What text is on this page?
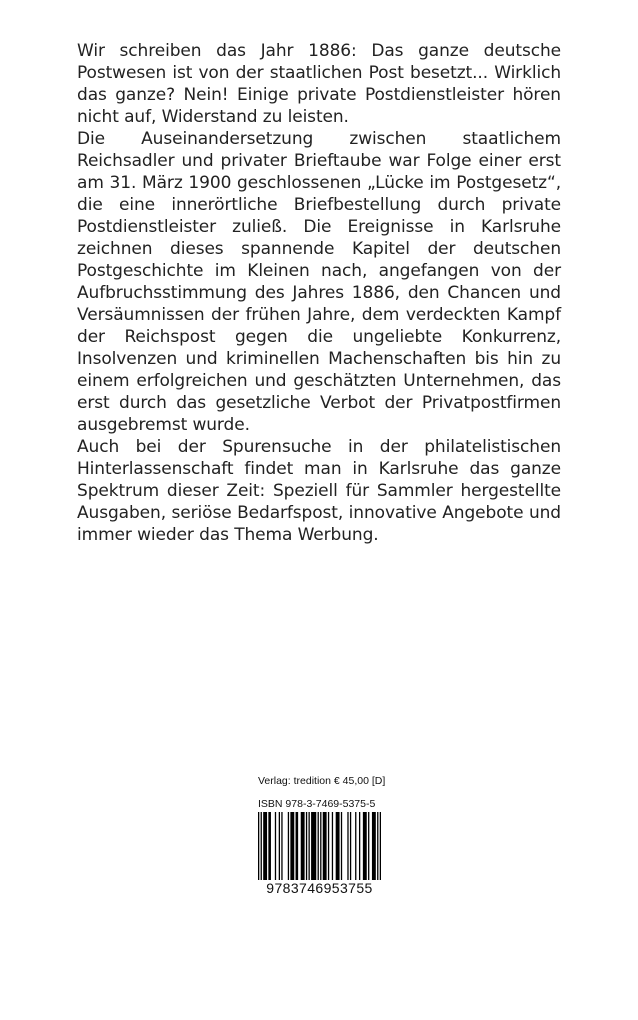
Wir schreiben das Jahr 1886: Das ganze deutsche Postwesen ist von der staatlichen Post besetzt... Wirklich das ganze? Nein! Einige private Postdienstleister hören nicht auf, Widerstand zu leisten.

Die Auseinandersetzung zwischen staatlichem Reichsadler und privater Brieftaube war Folge einer erst am 31. März 1900 geschlossenen „Lücke im Postgesetz“, die eine innerörtliche Briefbestellung durch private Postdienstleister zuließ. Die Ereignisse in Karlsruhe zeichnen dieses spannende Kapitel der deutschen Postgeschichte im Kleinen nach, angefangen von der Aufbruchsstimmung des Jahres 1886, den Chancen und Versäumnissen der frühen Jahre, dem verdeckten Kampf der Reichspost gegen die ungeliebte Konkurrenz, Insolvenzen und kriminellen Machenschaften bis hin zu einem erfolgreichen und geschätzten Unternehmen, das erst durch das gesetzliche Verbot der Privatpostfirmen ausgebremst wurde.

Auch bei der Spurensuche in der philatelistischen Hinterlassenschaft findet man in Karlsruhe das ganze Spektrum dieser Zeit: Speziell für Sammler hergestellte Ausgaben, seriöse Bedarfspost, innovative Angebote und immer wieder das Thema Werbung.

Verlag: tredition € 45,00 [D]
ISBN 978-3-7469-5375-5
9783746953755
